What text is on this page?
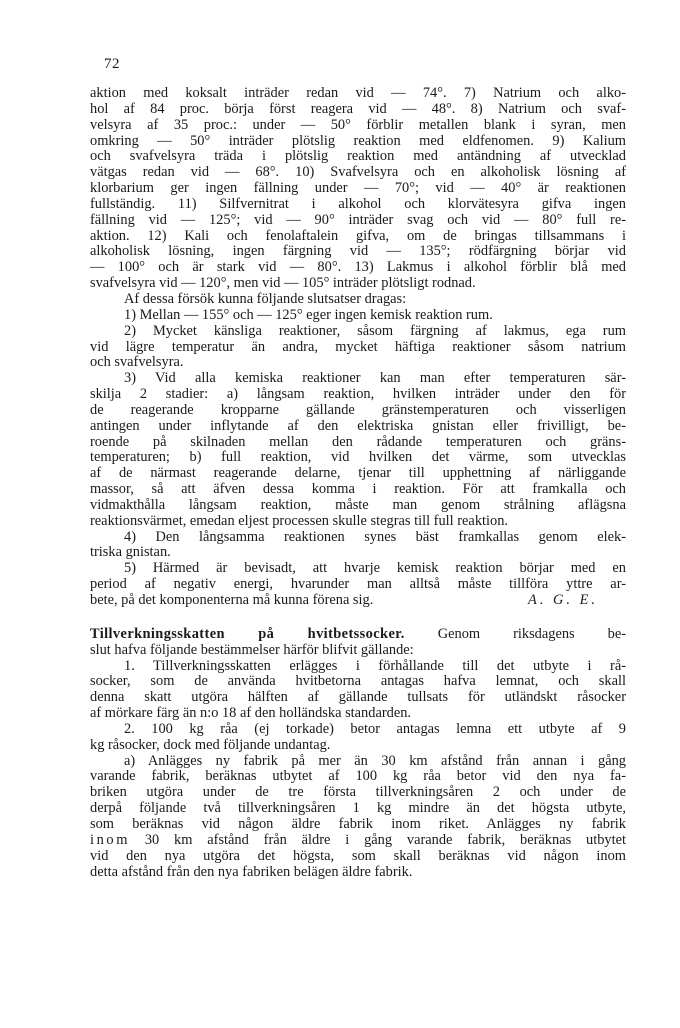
72

aktion med koksalt inträder redan vid — 74°. 7) Natrium och alko-

hol af 84 proc. börja först reagera vid — 48°. 8) Natrium och svaf-

velsyra af 35 proc.: under — 50° förblir metallen blank i syran, men

omkring — 50° inträder plötslig reaktion med eldfenomen. 9) Kalium

och svafvelsyra träda i plötslig reaktion med antändning af utvecklad

vätgas redan vid — 68°. 10) Svafvelsyra och en alkoholisk lösning af

klorbarium ger ingen fällning under — 70°; vid — 40° är reaktionen

fullständig. 11) Silfvernitrat i alkohol och klorvätesyra gifva ingen

fällning vid — 125°; vid — 90° inträder svag och vid — 80° full re-

aktion. 12) Kali och fenolaftalein gifva, om de bringas tillsammans i

alkoholisk lösning, ingen färgning vid — 135°; rödfärgning börjar vid

— 100° och är stark vid — 80°. 13) Lakmus i alkohol förblir blå med

svafvelsyra vid — 120°, men vid — 105° inträder plötsligt rodnad.

Af dessa försök kunna följande slutsatser dragas:

1) Mellan — 155° och — 125° eger ingen kemisk reaktion rum.

2) Mycket känsliga reaktioner, såsom färgning af lakmus, ega rum

vid lägre temperatur än andra, mycket häftiga reaktioner såsom natrium

och svafvelsyra.

3) Vid alla kemiska reaktioner kan man efter temperaturen sär-

skilja 2 stadier: a) långsam reaktion, hvilken inträder under den för

de reagerande kropparne gällande gränstemperaturen och visserligen

antingen under inflytande af den elektriska gnistan eller frivilligt, be-

roende på skilnaden mellan den rådande temperaturen och gräns-

temperaturen; b) full reaktion, vid hvilken det värme, som utvecklas

af de närmast reagerande delarne, tjenar till upphettning af närliggande

massor, så att äfven dessa komma i reaktion. För att framkalla och

vidmakthålla långsam reaktion, måste man genom strålning aflägsna

reaktionsvärmet, emedan eljest processen skulle stegras till full reaktion.

4) Den långsamma reaktionen synes bäst framkallas genom elek-

triska gnistan.

5) Härmed är bevisadt, att hvarje kemisk reaktion börjar med en

period af negativ energi, hvarunder man alltså måste tillföra yttre ar-

bete, på det komponenterna må kunna förena sig.	A. G. E.

Tillverkningsskatten på hvitbetssocker. Genom riksdagens be-

slut hafva följande bestämmelser härför blifvit gällande:

1. Tillverkningsskatten erlägges i förhållande till det utbyte i rå-

socker, som de använda hvitbetorna antagas hafva lemnat, och skall

denna skatt utgöra hälften af gällande tullsats för utländskt råsocker

af mörkare färg än n:o 18 af den holländska standarden.

2. 100 kg råa (ej torkade) betor antagas lemna ett utbyte af 9

kg råsocker, dock med följande undantag.

a) Anlägges ny fabrik på mer än 30 km afstånd från annan i gång

varande fabrik, beräknas utbytet af 100 kg råa betor vid den nya fa-

briken utgöra under de tre första tillverkningsåren 2 och under de

derpå följande två tillverkningsåren 1 kg mindre än det högsta utbyte,

som beräknas vid någon äldre fabrik inom riket. Anlägges ny fabrik

inom 30 km afstånd från äldre i gång varande fabrik, beräknas utbytet

vid den nya utgöra det högsta, som skall beräknas vid någon inom

detta afstånd från den nya fabriken belägen äldre fabrik.
